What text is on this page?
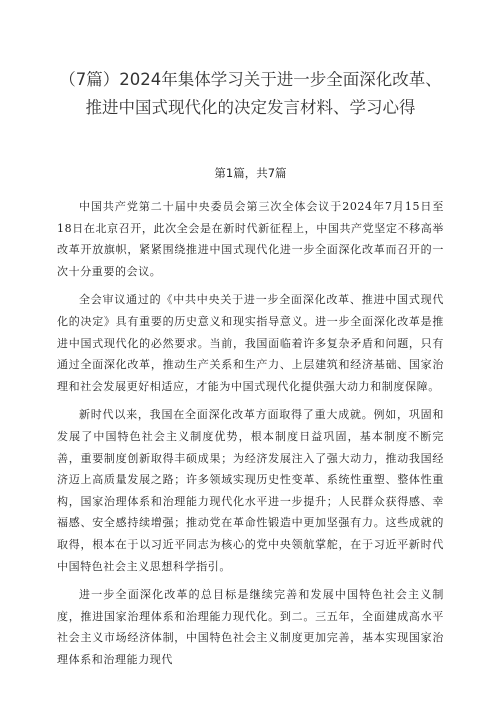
（7篇）2024年集体学习关于进一步全面深化改革、
推进中国式现代化的决定发言材料、学习心得
第1篇，共7篇

中国共产党第二十届中央委员会第三次全体会议于2024年7月15日至18日在北京召开，此次全会是在新时代新征程上，中国共产党坚定不移高举改革开放旗帜，紧紧围绕推进中国式现代化进一步全面深化改革而召开的一次十分重要的会议。

全会审议通过的《中共中央关于进一步全面深化改革、推进中国式现代化的决定》具有重要的历史意义和现实指导意义。进一步全面深化改革是推进中国式现代化的必然要求。当前，我国面临着许多复杂矛盾和问题，只有通过全面深化改革，推动生产关系和生产力、上层建筑和经济基础、国家治理和社会发展更好相适应，才能为中国式现代化提供强大动力和制度保障。

新时代以来，我国在全面深化改革方面取得了重大成就。例如，巩固和发展了中国特色社会主义制度优势，根本制度日益巩固，基本制度不断完善，重要制度创新取得丰硕成果；为经济发展注入了强大动力，推动我国经济迈上高质量发展之路；许多领域实现历史性变革、系统性重塑、整体性重构，国家治理体系和治理能力现代化水平进一步提升；人民群众获得感、幸福感、安全感持续增强；推动党在革命性锻造中更加坚强有力。这些成就的取得，根本在于以习近平同志为核心的党中央领航掌舵，在于习近平新时代中国特色社会主义思想科学指引。

进一步全面深化改革的总目标是继续完善和发展中国特色社会主义制度，推进国家治理体系和治理能力现代化。到二。三五年，全面建成高水平社会主义市场经济体制，中国特色社会主义制度更加完善，基本实现国家治理体系和治理能力现代
